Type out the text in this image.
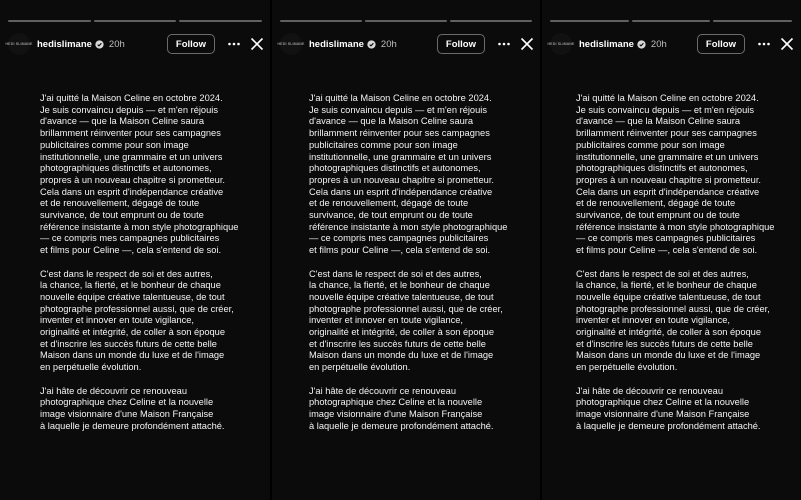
HEDI SLIMANE hedislimane 20h	Follow

J'ai quitté la Maison Celine en octobre 2024.
Je suis convaincu depuis — et m'en réjouis
d'avance — que la Maison Celine saura
brillamment réinventer pour ses campagnes
publicitaires comme pour son image
institutionnelle, une grammaire et un univers
photographiques distinctifs et autonomes,
propres à un nouveau chapitre si prometteur.
Cela dans un esprit d'indépendance créative
et de renouvellement, dégagé de toute
survivance, de tout emprunt ou de toute
référence insistante à mon style photographique
— ce compris mes campagnes publicitaires
et films pour Celine —, cela s'entend de soi.

C'est dans le respect de soi et des autres,
la chance, la fierté, et le bonheur de chaque
nouvelle équipe créative talentueuse, de tout
photographe professionnel aussi, que de créer,
inventer et innover en toute vigilance,
originalité et intégrité, de coller à son époque
et d'inscrire les succès futurs de cette belle
Maison dans un monde du luxe et de l'image
en perpétuelle évolution.

J'ai hâte de découvrir ce renouveau
photographique chez Celine et la nouvelle
image visionnaire d'une Maison Française
à laquelle je demeure profondément attaché.

HEDI SLIMANE hedislimane 20h	Follow

J'ai quitté la Maison Celine en octobre 2024.
Je suis convaincu depuis — et m'en réjouis
d'avance — que la Maison Celine saura
brillamment réinventer pour ses campagnes
publicitaires comme pour son image
institutionnelle, une grammaire et un univers
photographiques distinctifs et autonomes,
propres à un nouveau chapitre si prometteur.
Cela dans un esprit d'indépendance créative
et de renouvellement, dégagé de toute
survivance, de tout emprunt ou de toute
référence insistante à mon style photographique
— ce compris mes campagnes publicitaires
et films pour Celine —, cela s'entend de soi.

C'est dans le respect de soi et des autres,
la chance, la fierté, et le bonheur de chaque
nouvelle équipe créative talentueuse, de tout
photographe professionnel aussi, que de créer,
inventer et innover en toute vigilance,
originalité et intégrité, de coller à son époque
et d'inscrire les succès futurs de cette belle
Maison dans un monde du luxe et de l'image
en perpétuelle évolution.

J'ai hâte de découvrir ce renouveau
photographique chez Celine et la nouvelle
image visionnaire d'une Maison Française
à laquelle je demeure profondément attaché.

HEDI SLIMANE hedislimane 20h	Follow

J'ai quitté la Maison Celine en octobre 2024.
Je suis convaincu depuis — et m'en réjouis
d'avance — que la Maison Celine saura
brillamment réinventer pour ses campagnes
publicitaires comme pour son image
institutionnelle, une grammaire et un univers
photographiques distinctifs et autonomes,
propres à un nouveau chapitre si prometteur.
Cela dans un esprit d'indépendance créative
et de renouvellement, dégagé de toute
survivance, de tout emprunt ou de toute
référence insistante à mon style photographique
— ce compris mes campagnes publicitaires
et films pour Celine —, cela s'entend de soi.

C'est dans le respect de soi et des autres,
la chance, la fierté, et le bonheur de chaque
nouvelle équipe créative talentueuse, de tout
photographe professionnel aussi, que de créer,
inventer et innover en toute vigilance,
originalité et intégrité, de coller à son époque
et d'inscrire les succès futurs de cette belle
Maison dans un monde du luxe et de l'image
en perpétuelle évolution.

J'ai hâte de découvrir ce renouveau
photographique chez Celine et la nouvelle
image visionnaire d'une Maison Française
à laquelle je demeure profondément attaché.
